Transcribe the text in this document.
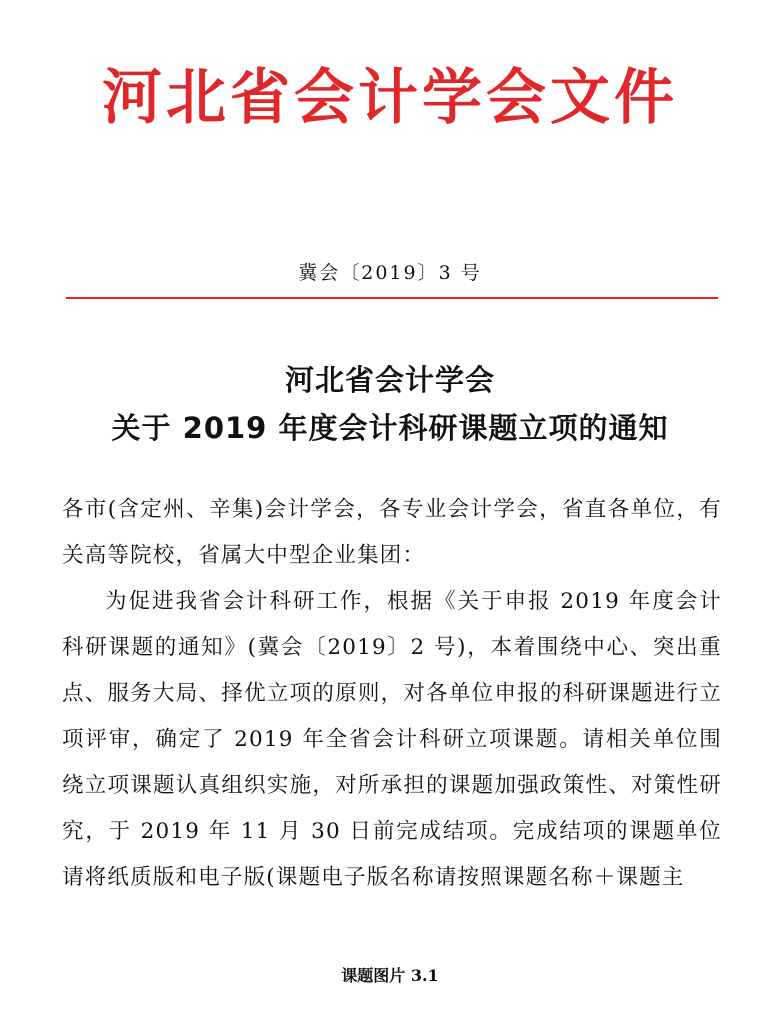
河北省会计学会文件
冀会〔2019〕3 号
河北省会计学会
关于 2019 年度会计科研课题立项的通知

各市(含定州、辛集)会计学会，各专业会计学会，省直各单位，有关高等院校，省属大中型企业集团：

为促进我省会计科研工作，根据《关于申报 2019 年度会计科研课题的通知》(冀会〔2019〕2 号)，本着围绕中心、突出重点、服务大局、择优立项的原则，对各单位申报的科研课题进行立项评审，确定了 2019 年全省会计科研立项课题。请相关单位围绕立项课题认真组织实施，对所承担的课题加强政策性、对策性研究，于 2019 年 11 月 30 日前完成结项。完成结项的课题单位请将纸质版和电子版(课题电子版名称请按照课题名称＋课题主

课题图片 3.1
